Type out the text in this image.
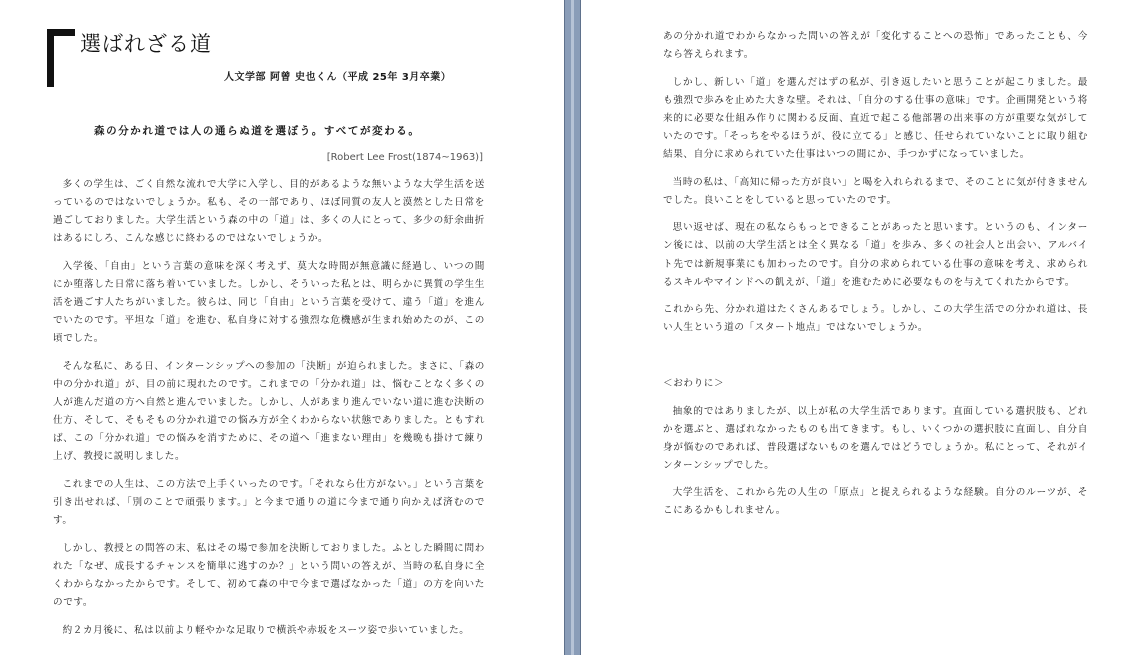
選ばれざる道
人文学部 阿曾 史也くん（平成 25年 3月卒業）
森の分かれ道では人の通らぬ道を選ぼう。すべてが変わる。
[Robert Lee Frost(1874~1963)]

多くの学生は、ごく自然な流れで大学に入学し、目的があるような無いような大学生活を送っているのではないでしょうか。私も、その一部であり、ほぼ同質の友人と漠然とした日常を過ごしておりました。大学生活という森の中の「道」は、多くの人にとって、多少の紆余曲折はあるにしろ、こんな感じに終わるのではないでしょうか。

入学後、「自由」という言葉の意味を深く考えず、莫大な時間が無意識に経過し、いつの間にか堕落した日常に落ち着いていました。しかし、そういった私とは、明らかに異質の学生生活を過ごす人たちがいました。彼らは、同じ「自由」という言葉を受けて、違う「道」を進んでいたのです。平坦な「道」を進む、私自身に対する強烈な危機感が生まれ始めたのが、この頃でした。

そんな私に、ある日、インターンシップへの参加の「決断」が迫られました。まさに、「森の中の分かれ道」が、目の前に現れたのです。これまでの「分かれ道」は、悩むことなく多くの人が進んだ道の方へ自然と進んでいました。しかし、人があまり進んでいない道に進む決断の仕方、そして、そもそもの分かれ道での悩み方が全くわからない状態でありました。ともすれば、この「分かれ道」での悩みを消すために、その道へ「進まない理由」を幾晩も掛けて練り上げ、教授に説明しました。

これまでの人生は、この方法で上手くいったのです。「それなら仕方がない。」という言葉を引き出せれば、「別のことで頑張ります。」と今まで通りの道に今まで通り向かえば済むのです。

しかし、教授との問答の末、私はその場で参加を決断しておりました。ふとした瞬間に問われた「なぜ、成長するチャンスを簡単に逃すのか？」という問いの答えが、当時の私自身に全くわからなかったからです。そして、初めて森の中で今まで選ばなかった「道」の方を向いたのです。

約２カ月後に、私は以前より軽やかな足取りで横浜や赤坂をスーツ姿で歩いていました。

あの分かれ道でわからなかった問いの答えが「変化することへの恐怖」であったことも、今なら答えられます。

しかし、新しい「道」を選んだはずの私が、引き返したいと思うことが起こりました。最も強烈で歩みを止めた大きな壁。それは、「自分のする仕事の意味」です。企画開発という将来的に必要な仕組み作りに関わる反面、直近で起こる他部署の出来事の方が重要な気がしていたのです。「そっちをやるほうが、役に立てる」と感じ、任せられていないことに取り組む結果、自分に求められていた仕事はいつの間にか、手つかずになっていました。

当時の私は、「高知に帰った方が良い」と喝を入れられるまで、そのことに気が付きませんでした。良いことをしていると思っていたのです。

思い返せば、現在の私ならもっとできることがあったと思います。というのも、インターン後には、以前の大学生活とは全く異なる「道」を歩み、多くの社会人と出会い、アルバイト先では新規事業にも加わったのです。自分の求められている仕事の意味を考え、求められるスキルやマインドへの飢えが、「道」を進むために必要なものを与えてくれたからです。

これから先、分かれ道はたくさんあるでしょう。しかし、この大学生活での分かれ道は、長い人生という道の「スタート地点」ではないでしょうか。

＜おわりに＞

抽象的ではありましたが、以上が私の大学生活であります。直面している選択肢も、どれかを選ぶと、選ばれなかったものも出てきます。もし、いくつかの選択肢に直面し、自分自身が悩むのであれば、普段選ばないものを選んではどうでしょうか。私にとって、それがインターンシップでした。

大学生活を、これから先の人生の「原点」と捉えられるような経験。自分のルーツが、そこにあるかもしれません。
